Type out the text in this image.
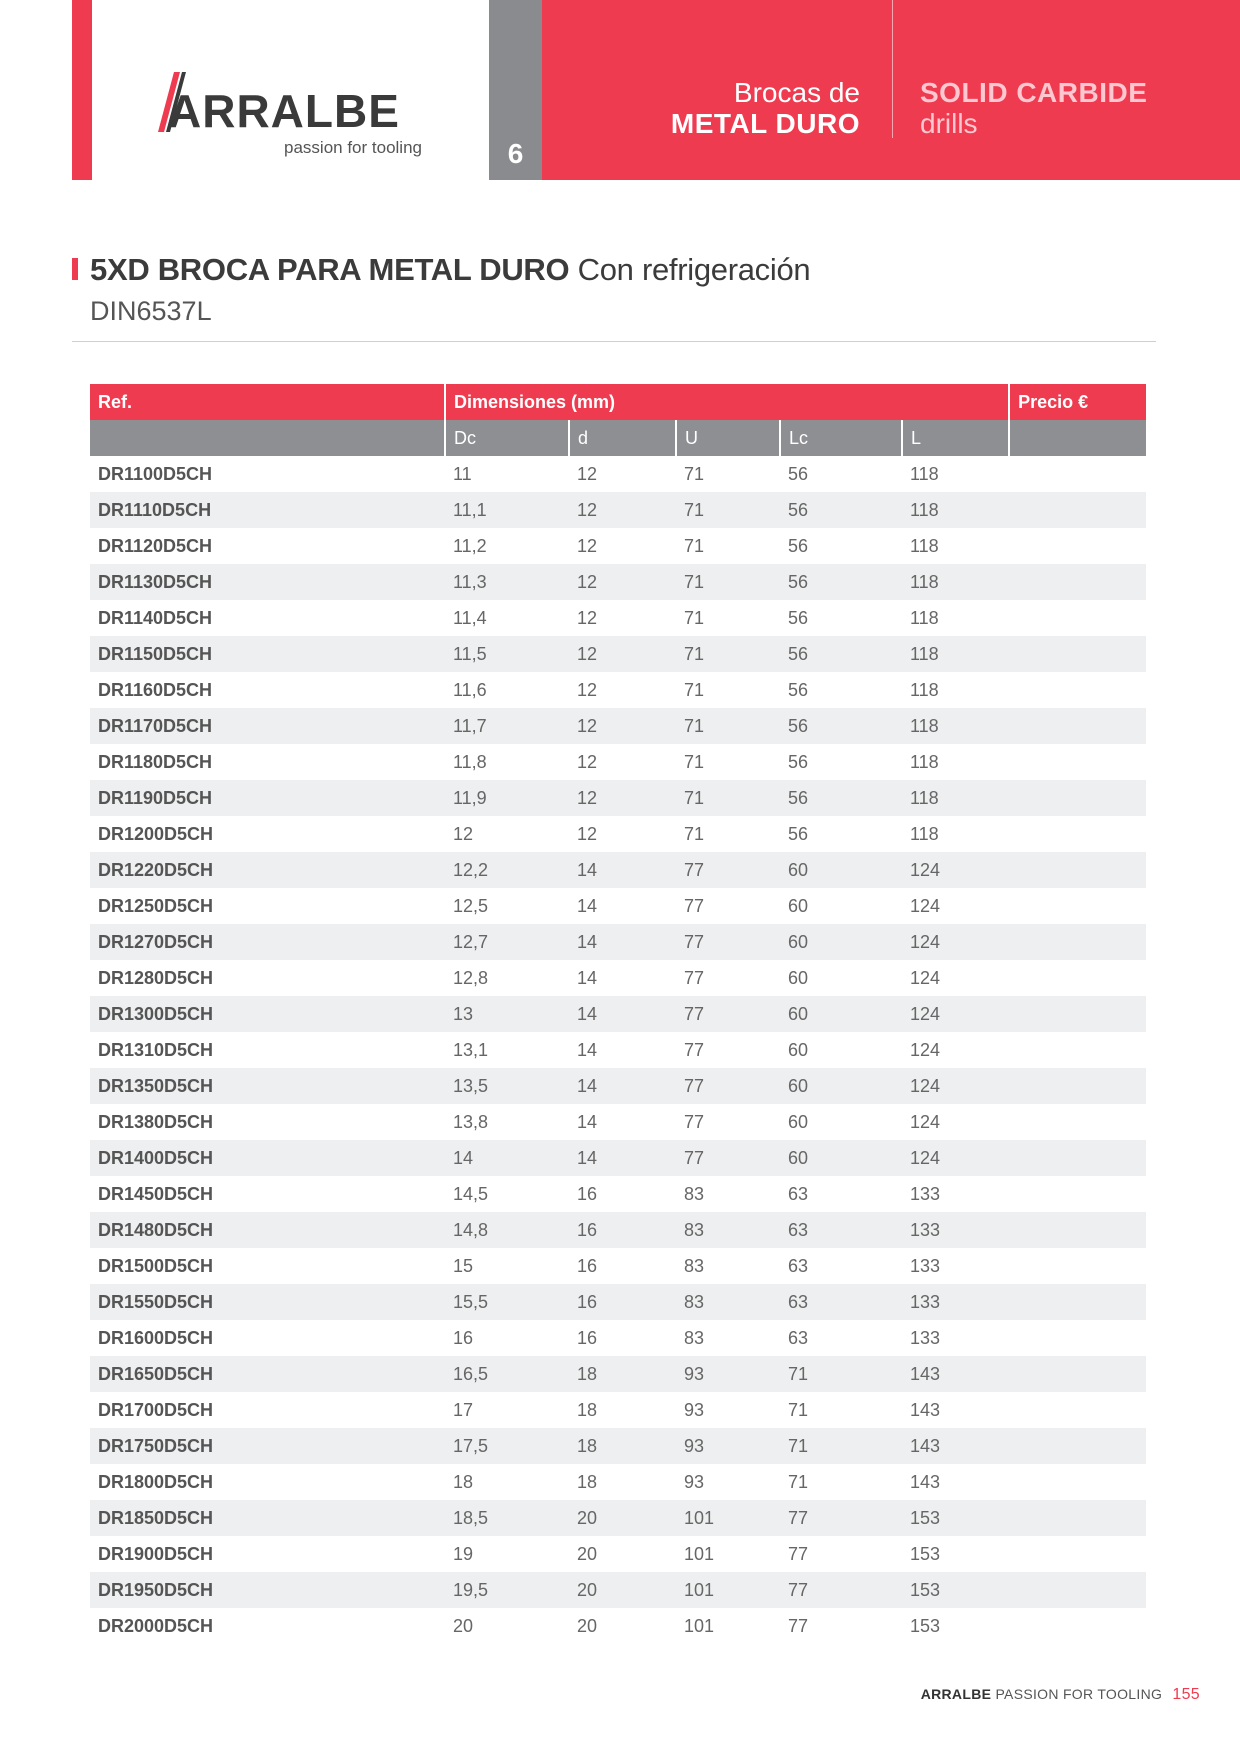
6
Brocas de
METAL DURO
SOLID CARBIDE
drills
ARRALBE
passion for tooling
5XD BROCA PARA METAL DURO Con refrigeración
DIN6537L
Ref.	Dimensiones (mm)					Precio €
	Dc	d	U	Lc	L	
DR1100D5CH	11	12	71	56	118	
DR1110D5CH	11,1	12	71	56	118	
DR1120D5CH	11,2	12	71	56	118	
DR1130D5CH	11,3	12	71	56	118	
DR1140D5CH	11,4	12	71	56	118	
DR1150D5CH	11,5	12	71	56	118	
DR1160D5CH	11,6	12	71	56	118	
DR1170D5CH	11,7	12	71	56	118	
DR1180D5CH	11,8	12	71	56	118	
DR1190D5CH	11,9	12	71	56	118	
DR1200D5CH	12	12	71	56	118	
DR1220D5CH	12,2	14	77	60	124	
DR1250D5CH	12,5	14	77	60	124	
DR1270D5CH	12,7	14	77	60	124	
DR1280D5CH	12,8	14	77	60	124	
DR1300D5CH	13	14	77	60	124	
DR1310D5CH	13,1	14	77	60	124	
DR1350D5CH	13,5	14	77	60	124	
DR1380D5CH	13,8	14	77	60	124	
DR1400D5CH	14	14	77	60	124	
DR1450D5CH	14,5	16	83	63	133	
DR1480D5CH	14,8	16	83	63	133	
DR1500D5CH	15	16	83	63	133	
DR1550D5CH	15,5	16	83	63	133	
DR1600D5CH	16	16	83	63	133	
DR1650D5CH	16,5	18	93	71	143	
DR1700D5CH	17	18	93	71	143	
DR1750D5CH	17,5	18	93	71	143	
DR1800D5CH	18	18	93	71	143	
DR1850D5CH	18,5	20	101	77	153	
DR1900D5CH	19	20	101	77	153	
DR1950D5CH	19,5	20	101	77	153	
DR2000D5CH	20	20	101	77	153	
ARRALBE PASSION FOR TOOLING 155
